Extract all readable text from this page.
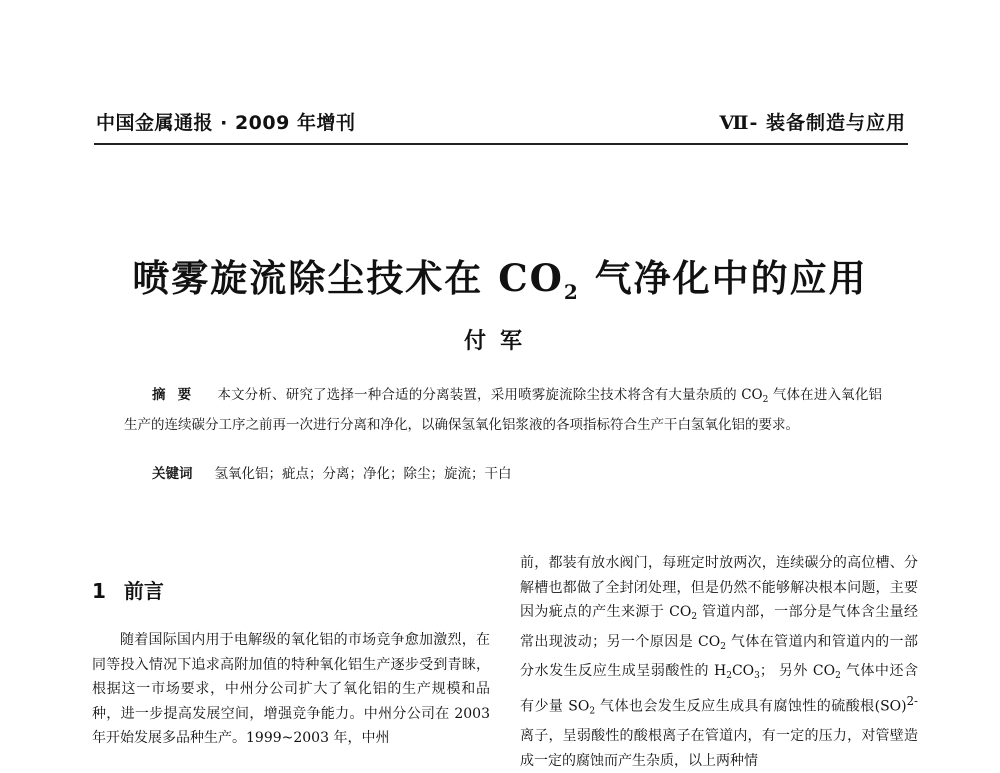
中国金属通报 · 2009 年增刊	Ⅶ- 装备制造与应用
喷雾旋流除尘技术在 $CO_2$ 气净化中的应用
付军
摘要 本文分析、研究了选择一种合适的分离装置，采用喷雾旋流除尘技术将含有大量杂质的 $CO_2$ 气体在进入氧化铝生产的连续碳分工序之前再一次进行分离和净化，以确保氢氧化铝浆液的各项指标符合生产干白氢氧化铝的要求。
关键词 氢氧化铝；疵点；分离；净化；除尘；旋流；干白
1 前言
随着国际国内用于电解级的氧化铝的市场竞争愈加激烈，在同等投入情况下追求高附加值的特种氧化铝生产逐步受到青睐，根据这一市场要求，中州分公司扩大了氧化铝的生产规模和品种，进一步提高发展空间，增强竞争能力。中州分公司在 2003 年开始发展多品种生产。1999~2003 年，中州
前，都装有放水阀门，每班定时放两次，连续碳分的高位槽、分解槽也都做了全封闭处理，但是仍然不能够解决根本问题，主要因为疵点的产生来源于 $CO_2$ 管道内部，一部分是气体含尘量经常出现波动；另一个原因是 $CO_2$ 气体在管道内和管道内的一部分水发生反应生成呈弱酸性的 $H_2CO_3$； 另外 $CO_2$ 气体中还含有少量 $SO_2$ 气体也会发生反应生成具有腐蚀性的硫酸根(SO)$^{2-}$离子，呈弱酸性的酸根离子在管道内，有一定的压力，对管壁造成一定的腐蚀而产生杂质，以上两种情
